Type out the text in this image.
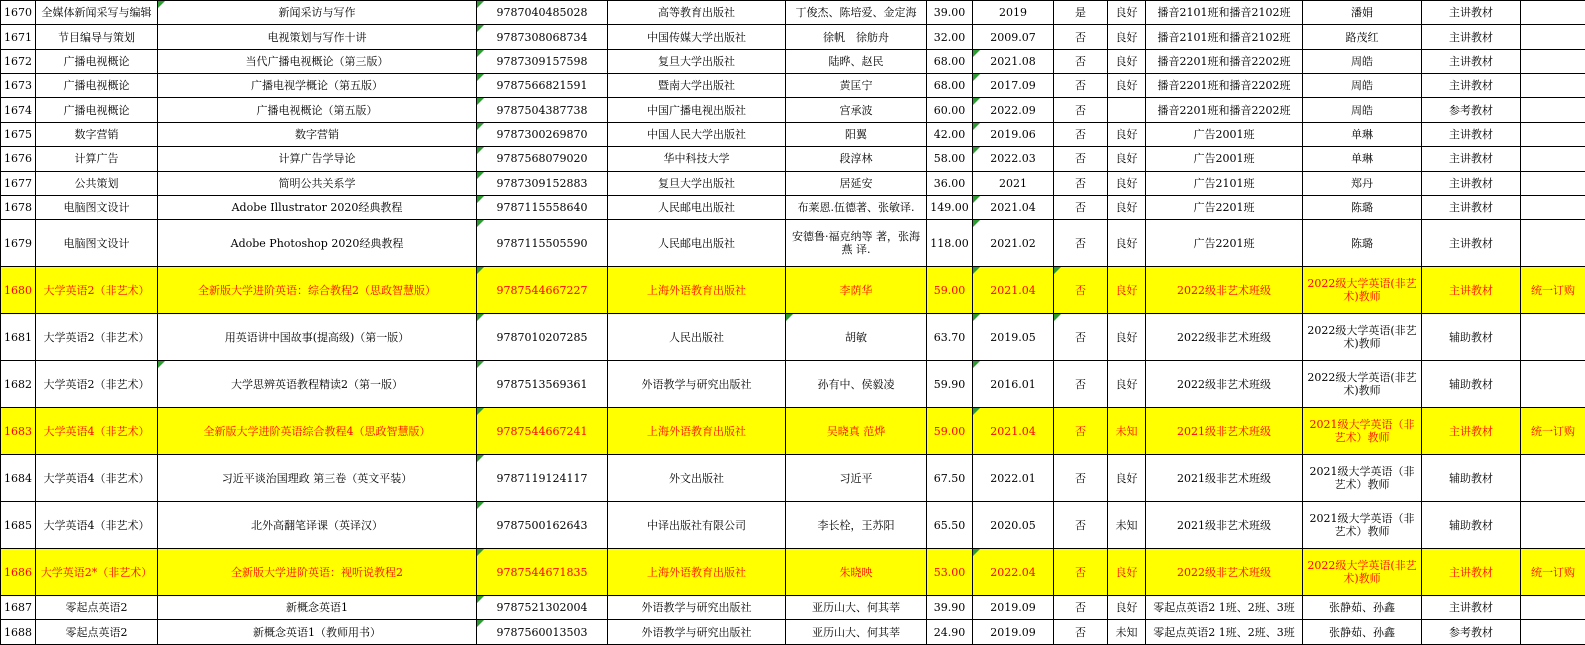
1670	全媒体新闻采写与编辑	新闻采访与写作	9787040485028	高等教育出版社	丁俊杰、陈培爱、金定海	39.00	2019	是	良好	播音2101班和播音2102班	潘娟	主讲教材	
1671	节目编导与策划	电视策划与写作十讲	9787308068734	中国传媒大学出版社	徐帆　徐舫舟	32.00	2009.07	否	良好	播音2101班和播音2102班	路茂红	主讲教材	
1672	广播电视概论	当代广播电视概论（第三版）	9787309157598	复旦大学出版社	陆晔、赵民	68.00	2021.08	否	良好	播音2201班和播音2202班	周皓	主讲教材	
1673	广播电视概论	广播电视学概论（第五版）	9787566821591	暨南大学出版社	黄匡宁	68.00	2017.09	否	良好	播音2201班和播音2202班	周皓	主讲教材	
1674	广播电视概论	广播电视概论（第五版）	9787504387738	中国广播电视出版社	宫承波	60.00	2022.09	否		播音2201班和播音2202班	周皓	参考教材	
1675	数字营销	数字营销	9787300269870	中国人民大学出版社	阳翼	42.00	2019.06	否	良好	广告2001班	单琳	主讲教材	
1676	计算广告	计算广告学导论	9787568079020	华中科技大学	段淳林	58.00	2022.03	否	良好	广告2001班	单琳	主讲教材	
1677	公共策划	简明公共关系学	9787309152883	复旦大学出版社	居延安	36.00	2021	否	良好	广告2101班	郑丹	主讲教材	
1678	电脑图文设计	Adobe Illustrator 2020经典教程	9787115558640	人民邮电出版社	布莱恩.伍德著、张敏译.	149.00	2021.04	否	良好	广告2201班	陈璐	主讲教材	
1679	电脑图文设计	Adobe Photoshop 2020经典教程	9787115505590	人民邮电出版社	安德鲁·福克纳等 著，张海燕 译.	118.00	2021.02	否	良好	广告2201班	陈璐	主讲教材	
1680	大学英语2（非艺术）	全新版大学进阶英语：综合教程2（思政智慧版）	9787544667227	上海外语教育出版社	李荫华	59.00	2021.04	否	良好	2022级非艺术班级	2022级大学英语(非艺术)教师	主讲教材	统一订购
1681	大学英语2（非艺术）	用英语讲中国故事(提高级)（第一版）	9787010207285	人民出版社	胡敏	63.70	2019.05	否	良好	2022级非艺术班级	2022级大学英语(非艺术)教师	辅助教材	
1682	大学英语2（非艺术）	大学思辨英语教程精读2（第一版）	9787513569361	外语教学与研究出版社	孙有中、侯毅凌	59.90	2016.01	否	良好	2022级非艺术班级	2022级大学英语(非艺术)教师	辅助教材	
1683	大学英语4（非艺术）	全新版大学进阶英语综合教程4（思政智慧版）	9787544667241	上海外语教育出版社	吴晓真 范烨	59.00	2021.04	否	未知	2021级非艺术班级	2021级大学英语（非艺术）教师	主讲教材	统一订购
1684	大学英语4（非艺术）	习近平谈治国理政 第三卷（英文平装）	9787119124117	外文出版社	习近平	67.50	2022.01	否	良好	2021级非艺术班级	2021级大学英语（非艺术）教师	辅助教材	
1685	大学英语4（非艺术）	北外高翻笔译课（英译汉）	9787500162643	中译出版社有限公司	李长栓，王苏阳	65.50	2020.05	否	未知	2021级非艺术班级	2021级大学英语（非艺术）教师	辅助教材	
1686	大学英语2*（非艺术）	全新版大学进阶英语：视听说教程2	9787544671835	上海外语教育出版社	朱晓映	53.00	2022.04	否	良好	2022级非艺术班级	2022级大学英语(非艺术)教师	主讲教材	统一订购
1687	零起点英语2	新概念英语1	9787521302004	外语教学与研究出版社	亚历山大、何其莘	39.90	2019.09	否	良好	零起点英语2 1班、2班、3班	张静茹、孙鑫	主讲教材	
1688	零起点英语2	新概念英语1（教师用书）	9787560013503	外语教学与研究出版社	亚历山大、何其莘	24.90	2019.09	否	未知	零起点英语2 1班、2班、3班	张静茹、孙鑫	参考教材	
